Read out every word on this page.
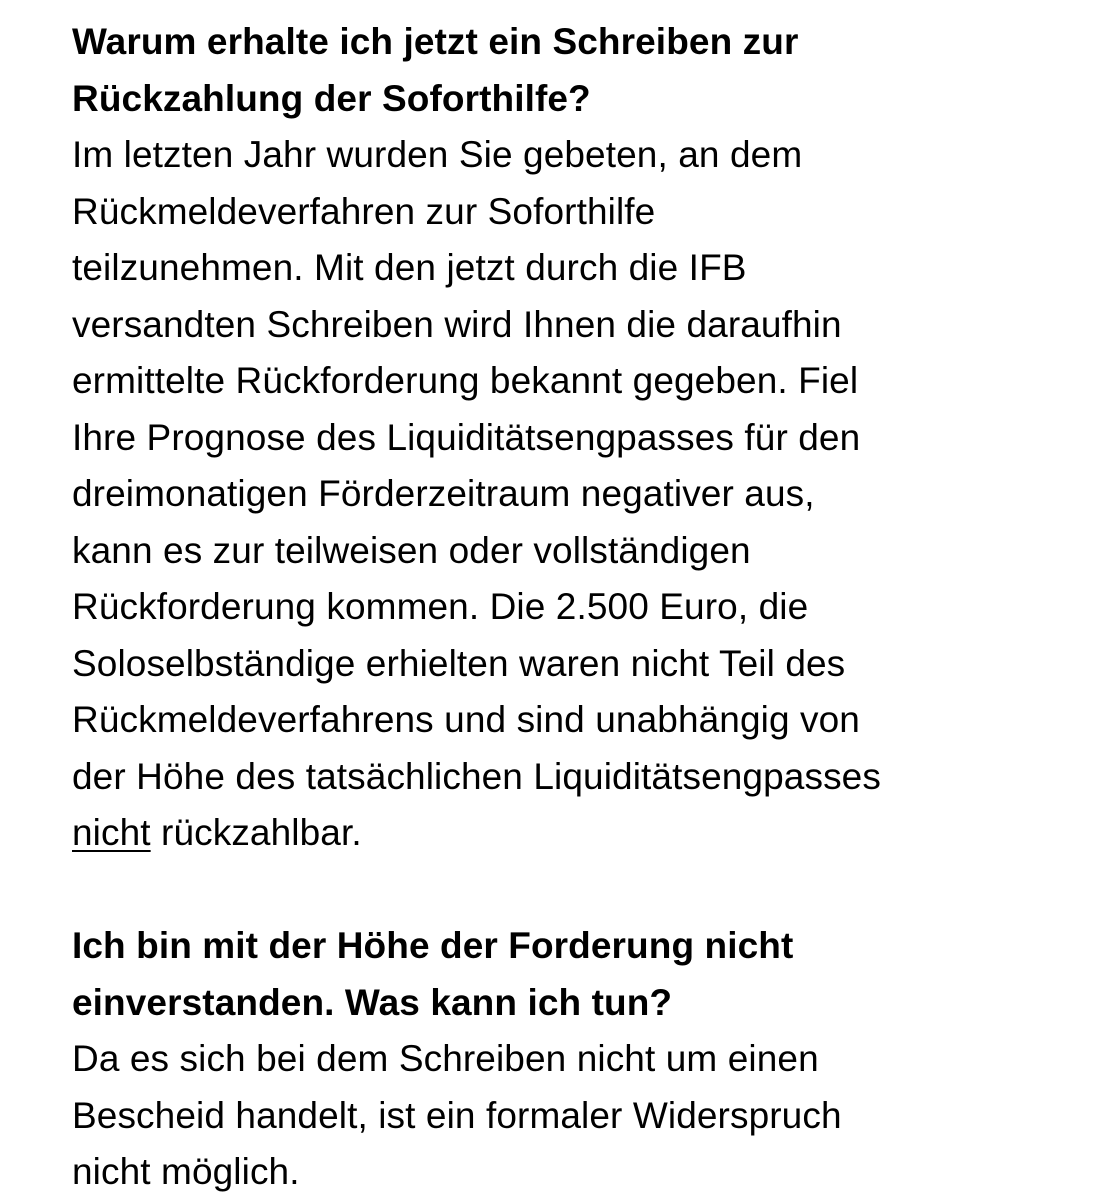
Warum erhalte ich jetzt ein Schreiben zur
Rückzahlung der Soforthilfe?
Im letzten Jahr wurden Sie gebeten, an dem
Rückmeldeverfahren zur Soforthilfe
teilzunehmen. Mit den jetzt durch die IFB
versandten Schreiben wird Ihnen die daraufhin
ermittelte Rückforderung bekannt gegeben. Fiel
Ihre Prognose des Liquiditätsengpasses für den
dreimonatigen Förderzeitraum negativer aus,
kann es zur teilweisen oder vollständigen
Rückforderung kommen. Die 2.500 Euro, die
Soloselbständige erhielten waren nicht Teil des
Rückmeldeverfahrens und sind unabhängig von
der Höhe des tatsächlichen Liquiditätsengpasses
nicht rückzahlbar.
Ich bin mit der Höhe der Forderung nicht
einverstanden. Was kann ich tun?
Da es sich bei dem Schreiben nicht um einen
Bescheid handelt, ist ein formaler Widerspruch
nicht möglich.
